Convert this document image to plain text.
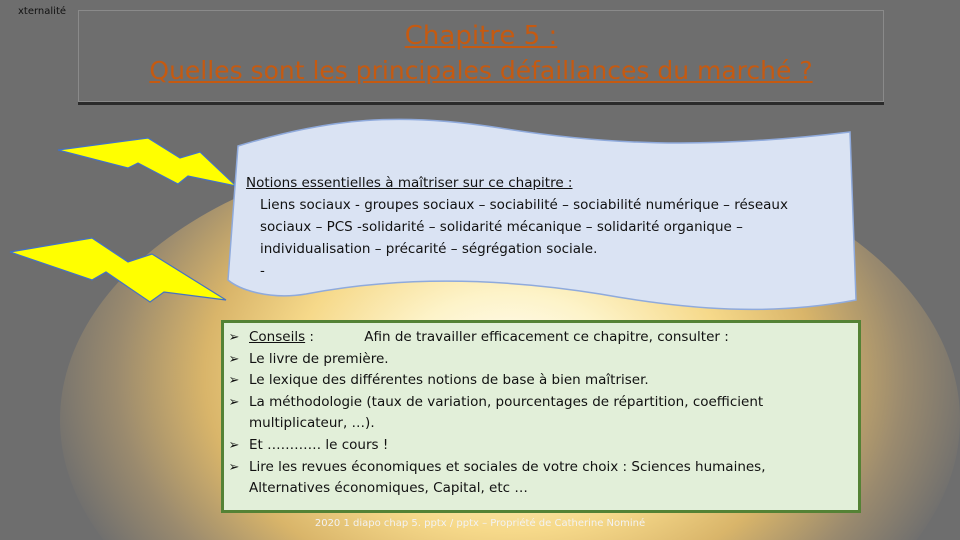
xternalité
Chapitre 5 :
Quelles sont les principales défaillances du marché ?
Notions essentielles à maîtriser sur ce chapitre :
Liens sociaux - groupes sociaux – sociabilité – sociabilité numérique – réseaux
sociaux – PCS -solidarité – solidarité mécanique – solidarité organique –
individualisation – précarité – ségrégation sociale.
-
➢ Conseils :	Afin de travailler efficacement ce chapitre, consulter :
➢ Le livre de première.
➢ Le lexique des différentes notions de base à bien maîtriser.
➢ La méthodologie (taux de variation, pourcentages de répartition, coefficient
multiplicateur, …).
➢ Et ………… le cours !
➢ Lire les revues économiques et sociales de votre choix : Sciences humaines,
Alternatives économiques, Capital, etc …
2020 1 diapo chap 5. pptx / pptx – Propriété de Catherine Nominé
